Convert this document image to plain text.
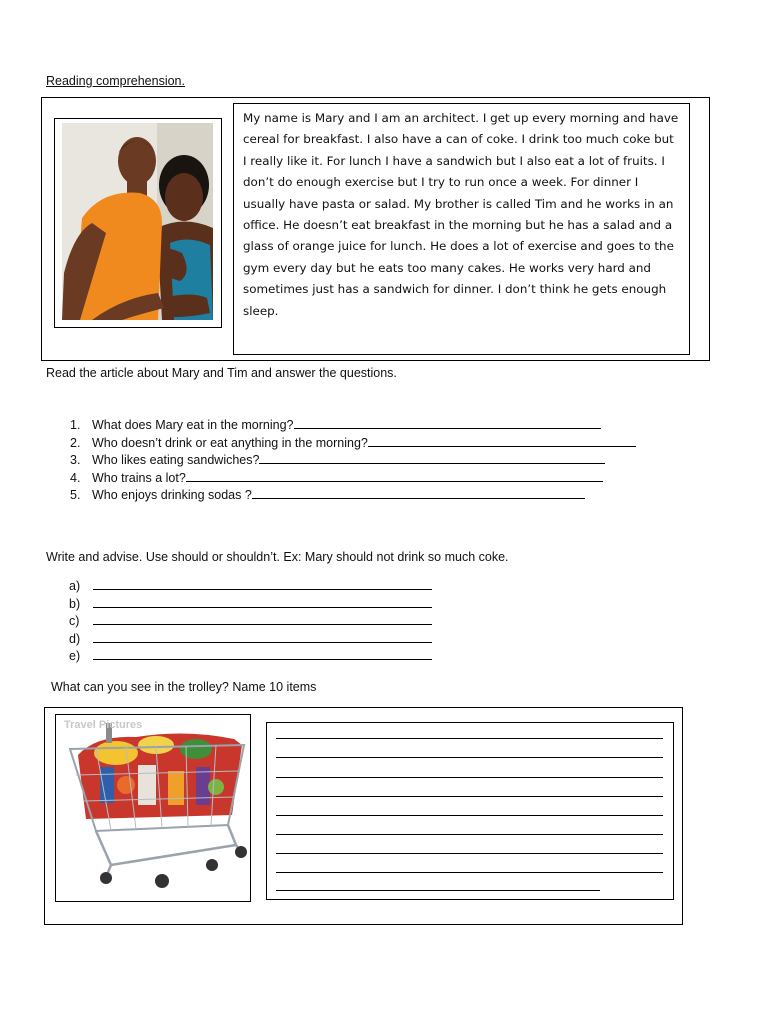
Reading comprehension.
My name is Mary and I am an architect. I get up every morning and have cereal for breakfast. I also have a can of coke. I drink too much coke but I really like it. For lunch I have a sandwich but I also eat a lot of fruits. I don’t do enough exercise but I try to run once a week. For dinner I usually have pasta or salad. My brother is called Tim and he works in an office. He doesn’t eat breakfast in the morning but he has a salad and a glass of orange juice for lunch. He does a lot of exercise and goes to the gym every day but he eats too many cakes. He works very hard and sometimes just has a sandwich for dinner. I don’t think he gets enough sleep.
Read the article about Mary and Tim and answer the questions.
1. What does Mary eat in the morning?
2. Who doesn’t drink or eat anything in the morning?
3. Who likes eating sandwiches?
4. Who trains a lot?
5. Who enjoys drinking sodas ?
Write and advise. Use should or shouldn’t. Ex: Mary should not drink so much coke.
a)
b)
c)
d)
e)
What can you see in the trolley? Name 10 items
Travel Pictures
